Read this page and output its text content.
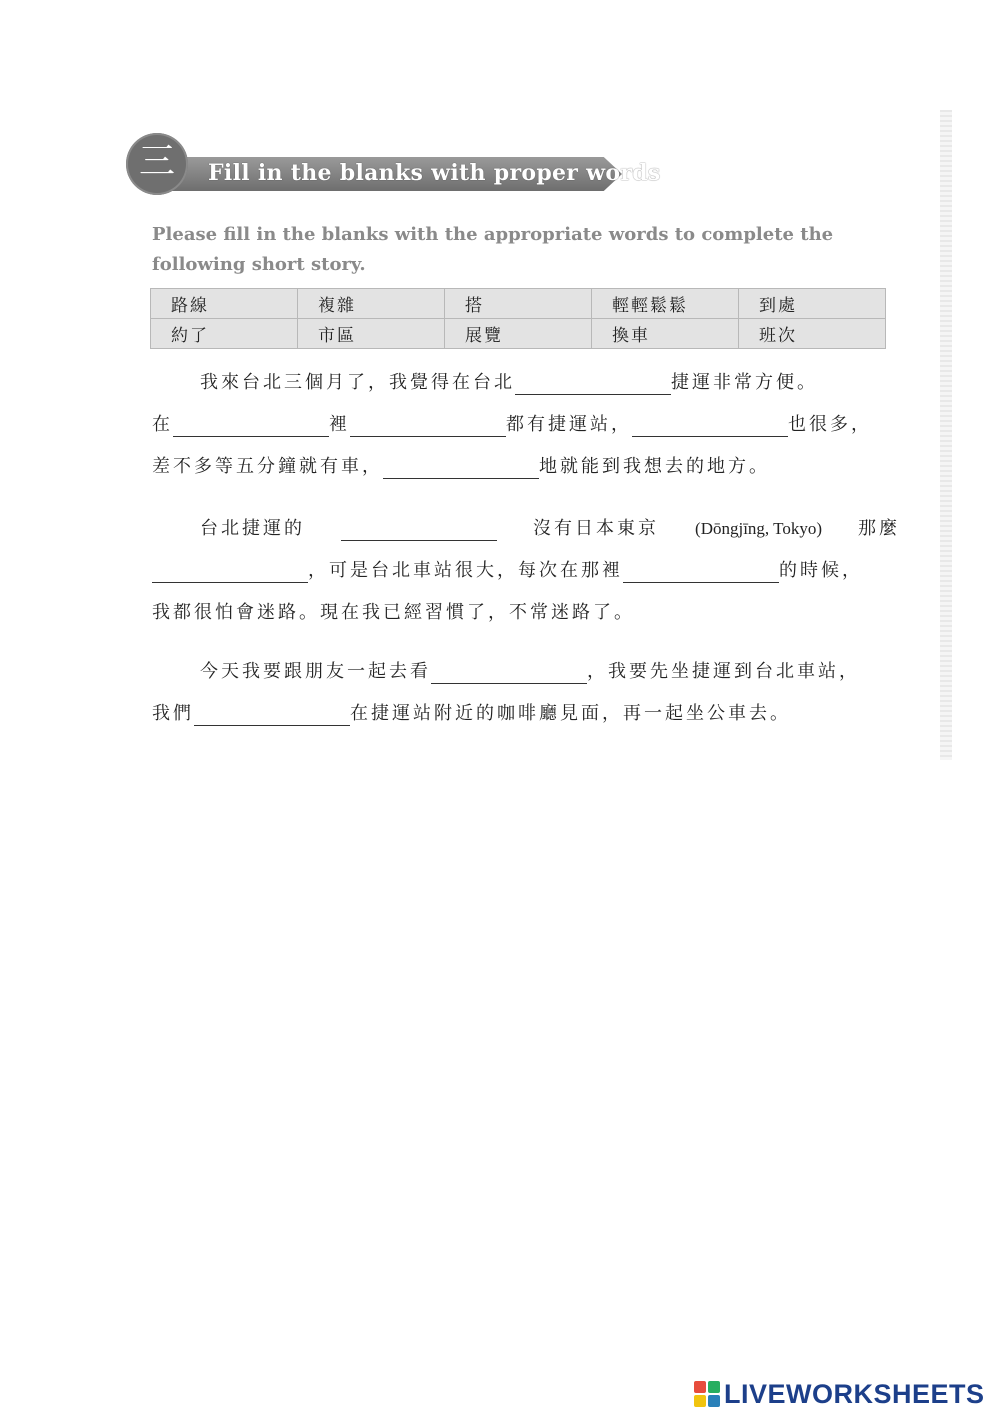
三	Fill in the blanks with proper words
Please fill in the blanks with the appropriate words to complete the following short story.
路線	複雜	搭	輕輕鬆鬆	到處
約了	市區	展覽	換車	班次
我來台北三個月了，我覺得在台北	捷運非常方便。
在	裡	都有捷運站，	也很多，
差不多等五分鐘就有車，	地就能到我想去的地方。
台北捷運的	沒有日本東京 (Dōngjīng, Tokyo) 那麼
，可是台北車站很大，每次在那裡	的時候，
我都很怕會迷路。現在我已經習慣了，不常迷路了。
今天我要跟朋友一起去看	，我要先坐捷運到台北車站，
我們	在捷運站附近的咖啡廳見面，再一起坐公車去。
LIVEWORKSHEETS
